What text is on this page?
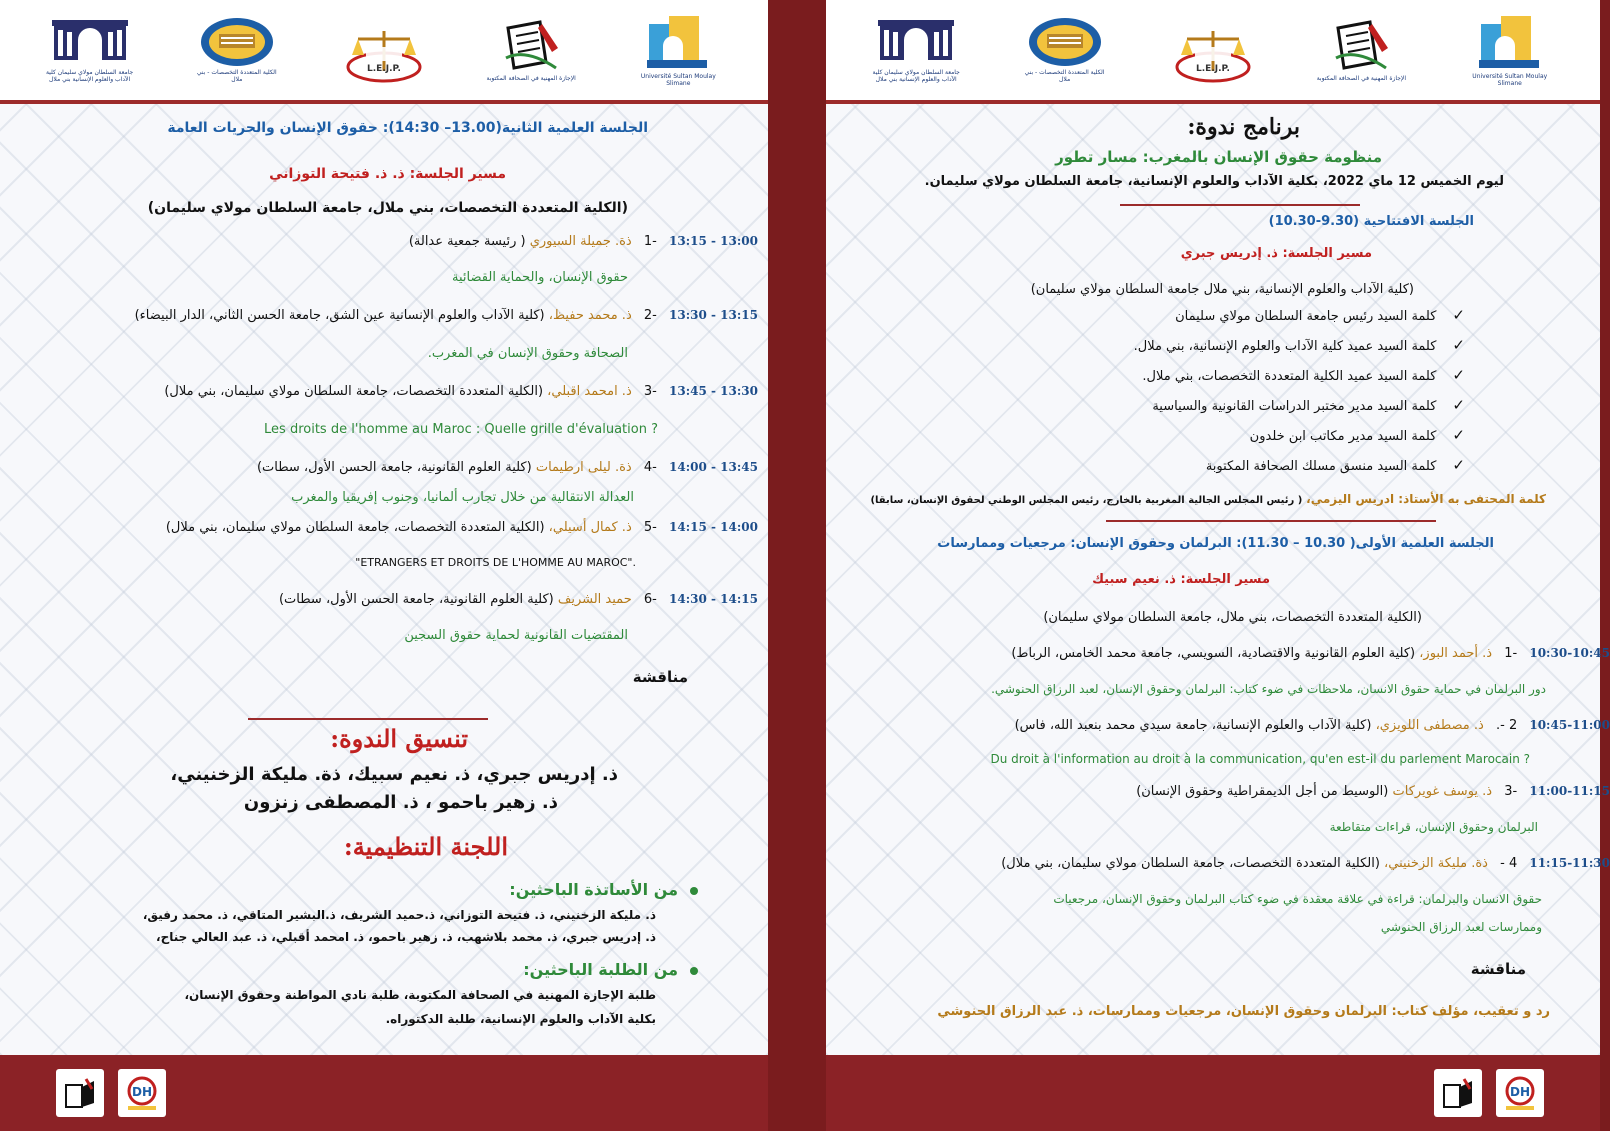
جامعة السلطان مولاي سليمان كلية الآداب والعلوم الإنسانية بني ملال
الكلية المتعددة التخصصات - بني ملال
L.E.J.P.
الإجازة المهنية في الصحافة المكتوبة	Université Sultan Moulay Slimane
الجلسة العلمية الثانية(13.00– 14:30): حقوق الإنسان والحريات العامة
مسير الجلسة: ذ. ذ. فتيحة التوزاني
(الكلية المتعددة التخصصات، بني ملال، جامعة السلطان مولاي سليمان)
13:00 - 13:15 -1 ذة. جميلة السيوري ( رئيسة جمعية عدالة)
حقوق الإنسان، والحماية القضائية
13:15 - 13:30 -2 ذ. محمد حفيظ، (كلية الآداب والعلوم الإنسانية عين الشق، جامعة الحسن الثاني، الدار البيضاء)
الصحافة وحقوق الإنسان في المغرب.
13:30 - 13:45 -3 ذ. امحمد اقبلي، (الكلية المتعددة التخصصات، جامعة السلطان مولاي سليمان، بني ملال)
Les droits de l'homme au Maroc : Quelle grille d'évaluation ?
13:45 - 14:00 -4 ذة. ليلى ارطيمات (كلية العلوم القانونية، جامعة الحسن الأول، سطات)
العدالة الانتقالية من خلال تجارب ألمانيا، وجنوب إفريقيا والمغرب
14:00 - 14:15 -5 ذ. كمال أسيلي، (الكلية المتعددة التخصصات، جامعة السلطان مولاي سليمان، بني ملال)
"ETRANGERS ET DROITS DE L'HOMME AU MAROC".
14:15 - 14:30 -6 حميد الشريف (كلية العلوم القانونية، جامعة الحسن الأول، سطات)
المقتضيات القانونية لحماية حقوق السجين
مناقشة
تنسيق الندوة:
ذ. إدريس جبري، ذ. نعيم سبيك، ذة. مليكة الزخنيني،
ذ. زهير باحمو ، ذ. المصطفى زنزون
اللجنة التنظيمية:
من الأساتذة الباحثين:
ذ. مليكة الزخنيني، ذ. فتيحة التوزاني، ذ.حميد الشريف، ذ.البشير المتاقي، ذ. محمد رفيق،
ذ. إدريس جبري، ذ. محمد بلاشهب، ذ. زهير باحمو، ذ. امحمد أقبلي، ذ. عبد العالي جناح،
من الطلبة الباحثين:
طلبة الإجازة المهنية في الصحافة المكتوبة، طلبة نادي المواطنة وحقوق الإنسان،
بكلية الآداب والعلوم الإنسانية، طلبة الدكتوراه.
DH
جامعة السلطان مولاي سليمان كلية الآداب والعلوم الإنسانية بني ملال
الكلية المتعددة التخصصات - بني ملال
L.E.J.P.
الإجازة المهنية في الصحافة المكتوبة	Université Sultan Moulay Slimane
برنامج ندوة:
منظومة حقوق الإنسان بالمغرب: مسار تطور
ليوم الخميس 12 ماي 2022، بكلية الآداب والعلوم الإنسانية، جامعة السلطان مولاي سليمان.
الجلسة الافتتاحية (9.30-10.30)
مسير الجلسة: ذ. إدريس جبري
(كلية الآداب والعلوم الإنسانية، بني ملال جامعة السلطان مولاي سليمان)
✓كلمة السيد رئيس جامعة السلطان مولاي سليمان
✓كلمة السيد عميد كلية الآداب والعلوم الإنسانية، بني ملال.
✓كلمة السيد عميد الكلية المتعددة التخصصات، بني ملال.
✓كلمة السيد مدير مختبر الدراسات القانونية والسياسية
✓كلمة السيد مدير مكاتب ابن خلدون
✓كلمة السيد منسق مسلك الصحافة المكتوبة
كلمة المحتفى به الأستاذ: ادريس اليزمي، ( رئيس المجلس الجالية المغربية بالخارج، رئيس المجلس الوطني لحقوق الإنسان، سابقا)
الجلسة العلمية الأولى( 10.30 – 11.30): البرلمان وحقوق الإنسان: مرجعيات وممارسات
مسير الجلسة: ذ. نعيم سبيك
(الكلية المتعددة التخصصات، بني ملال، جامعة السلطان مولاي سليمان)
10:30-10:45 -1 ذ. أحمد البوز، (كلية العلوم القانونية والاقتصادية، السويسي، جامعة محمد الخامس، الرباط)
دور البرلمان في حماية حقوق الانسان، ملاحظات في ضوء كتاب: البرلمان وحقوق الإنسان، لعبد الرزاق الحنوشي.
10:45-11:00 2 -. ذ. مصطفى اللويزي، (كلية الآداب والعلوم الإنسانية، جامعة سيدي محمد بنعبد الله، فاس)
Du droit à l'information au droit à la communication, qu'en est-il du parlement Marocain ?
11:00-11:15 -3 ذ. يوسف غويركات (الوسيط من أجل الديمقراطية وحقوق الإنسان)
البرلمان وحقوق الإنسان، قراءات متقاطعة
11:15-11:30 4 - ذة. مليكة الزخنيني، (الكلية المتعددة التخصصات، جامعة السلطان مولاي سليمان، بني ملال)
حقوق الانسان والبرلمان: قراءة في علاقة معقدة في ضوء كتاب البرلمان وحقوق الإنسان، مرجعيات
وممارسات لعبد الرزاق الحنوشي
مناقشة
رد و تعقيب، مؤلف كتاب: البرلمان وحقوق الإنسان، مرجعيات وممارسات، ذ. عبد الرزاق الحنوشي
DH
